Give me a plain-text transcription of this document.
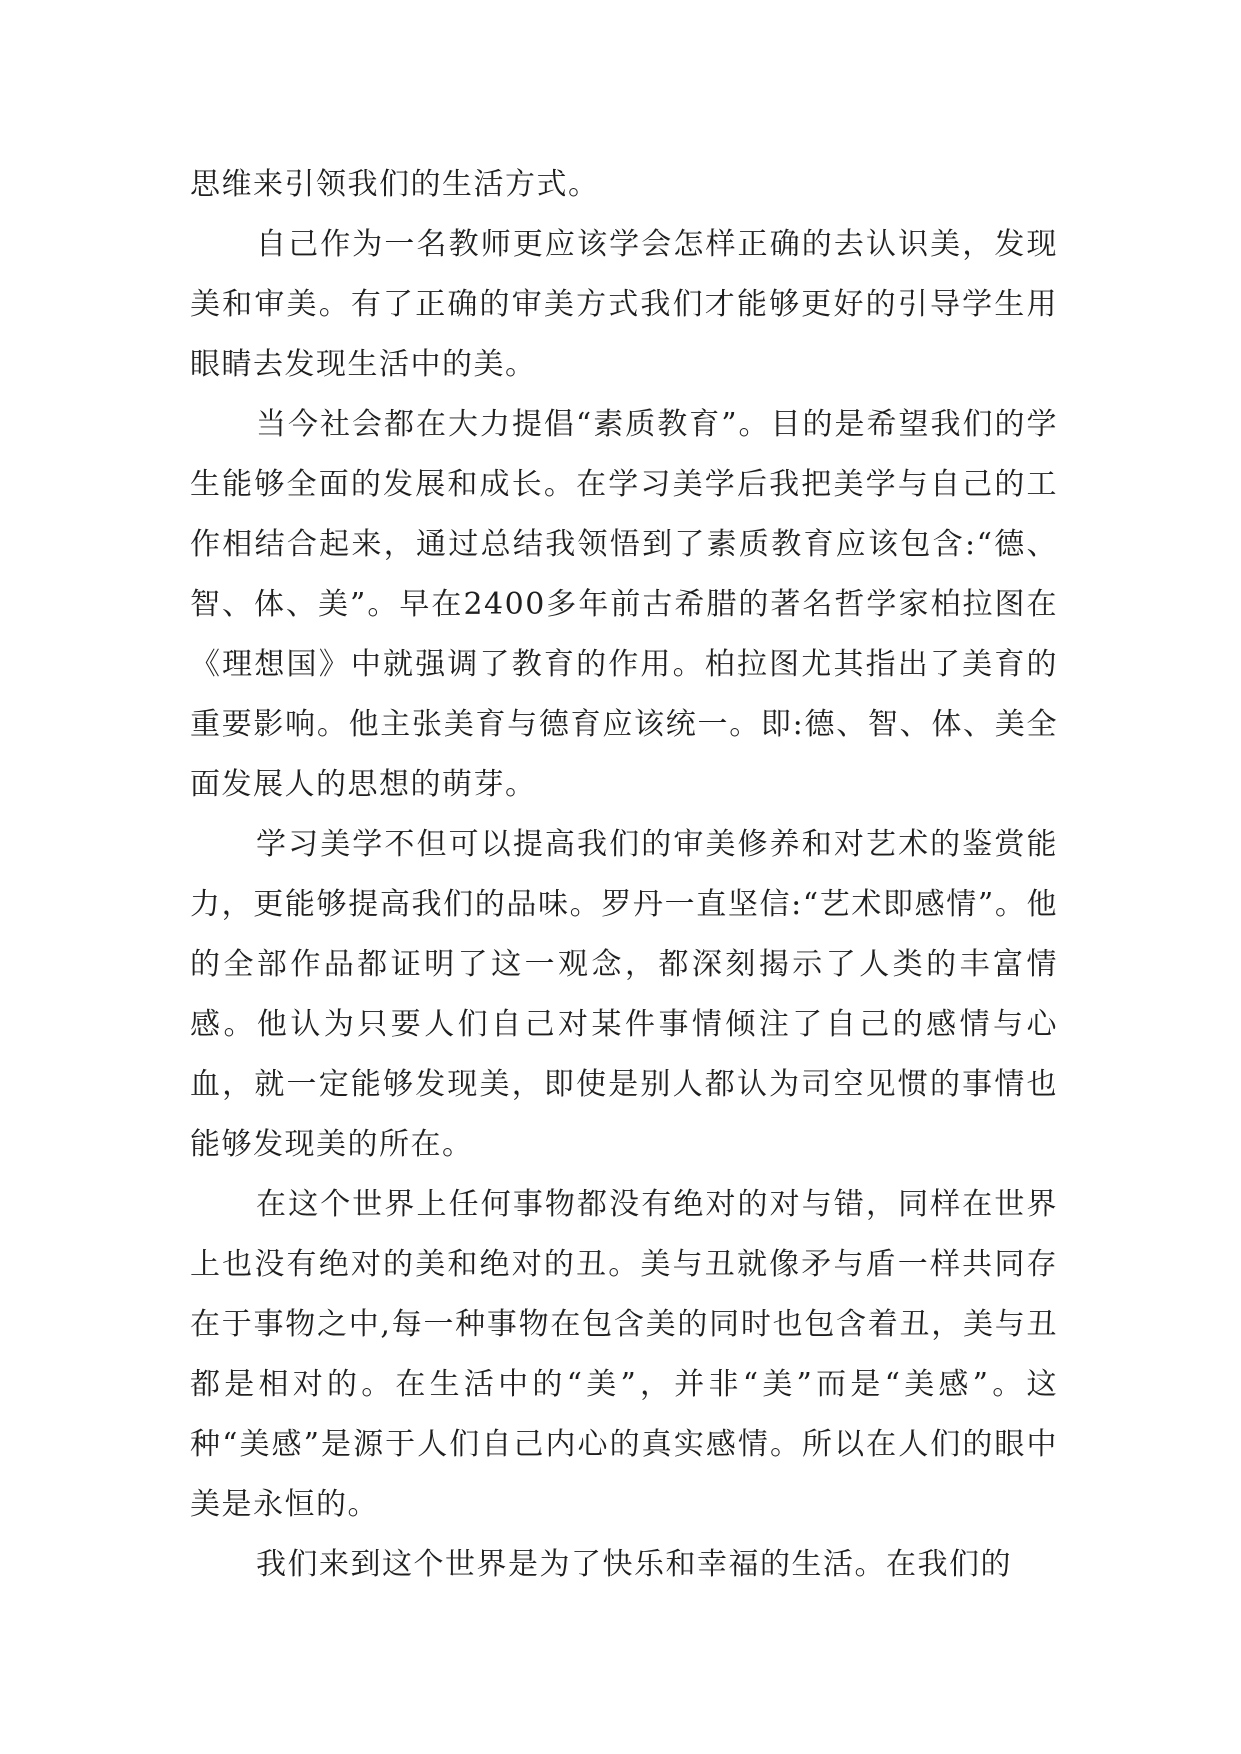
思维来引领我们的生活方式。

自己作为一名教师更应该学会怎样正确的去认识美，发现美和审美。有了正确的审美方式我们才能够更好的引导学生用眼睛去发现生活中的美。

当今社会都在大力提倡“素质教育”。目的是希望我们的学生能够全面的发展和成长。在学习美学后我把美学与自己的工作相结合起来，通过总结我领悟到了素质教育应该包含:“德、智、体、美”。早在2400多年前古希腊的著名哲学家柏拉图在《理想国》中就强调了教育的作用。柏拉图尤其指出了美育的重要影响。他主张美育与德育应该统一。即:德、智、体、美全面发展人的思想的萌芽。

学习美学不但可以提高我们的审美修养和对艺术的鉴赏能力，更能够提高我们的品味。罗丹一直坚信:“艺术即感情”。他的全部作品都证明了这一观念，都深刻揭示了人类的丰富情感。他认为只要人们自己对某件事情倾注了自己的感情与心血，就一定能够发现美，即使是别人都认为司空见惯的事情也能够发现美的所在。

在这个世界上任何事物都没有绝对的对与错，同样在世界上也没有绝对的美和绝对的丑。美与丑就像矛与盾一样共同存在于事物之中,每一种事物在包含美的同时也包含着丑，美与丑都是相对的。在生活中的“美”，并非“美”而是“美感”。这种“美感”是源于人们自己内心的真实感情。所以在人们的眼中美是永恒的。

我们来到这个世界是为了快乐和幸福的生活。在我们的
